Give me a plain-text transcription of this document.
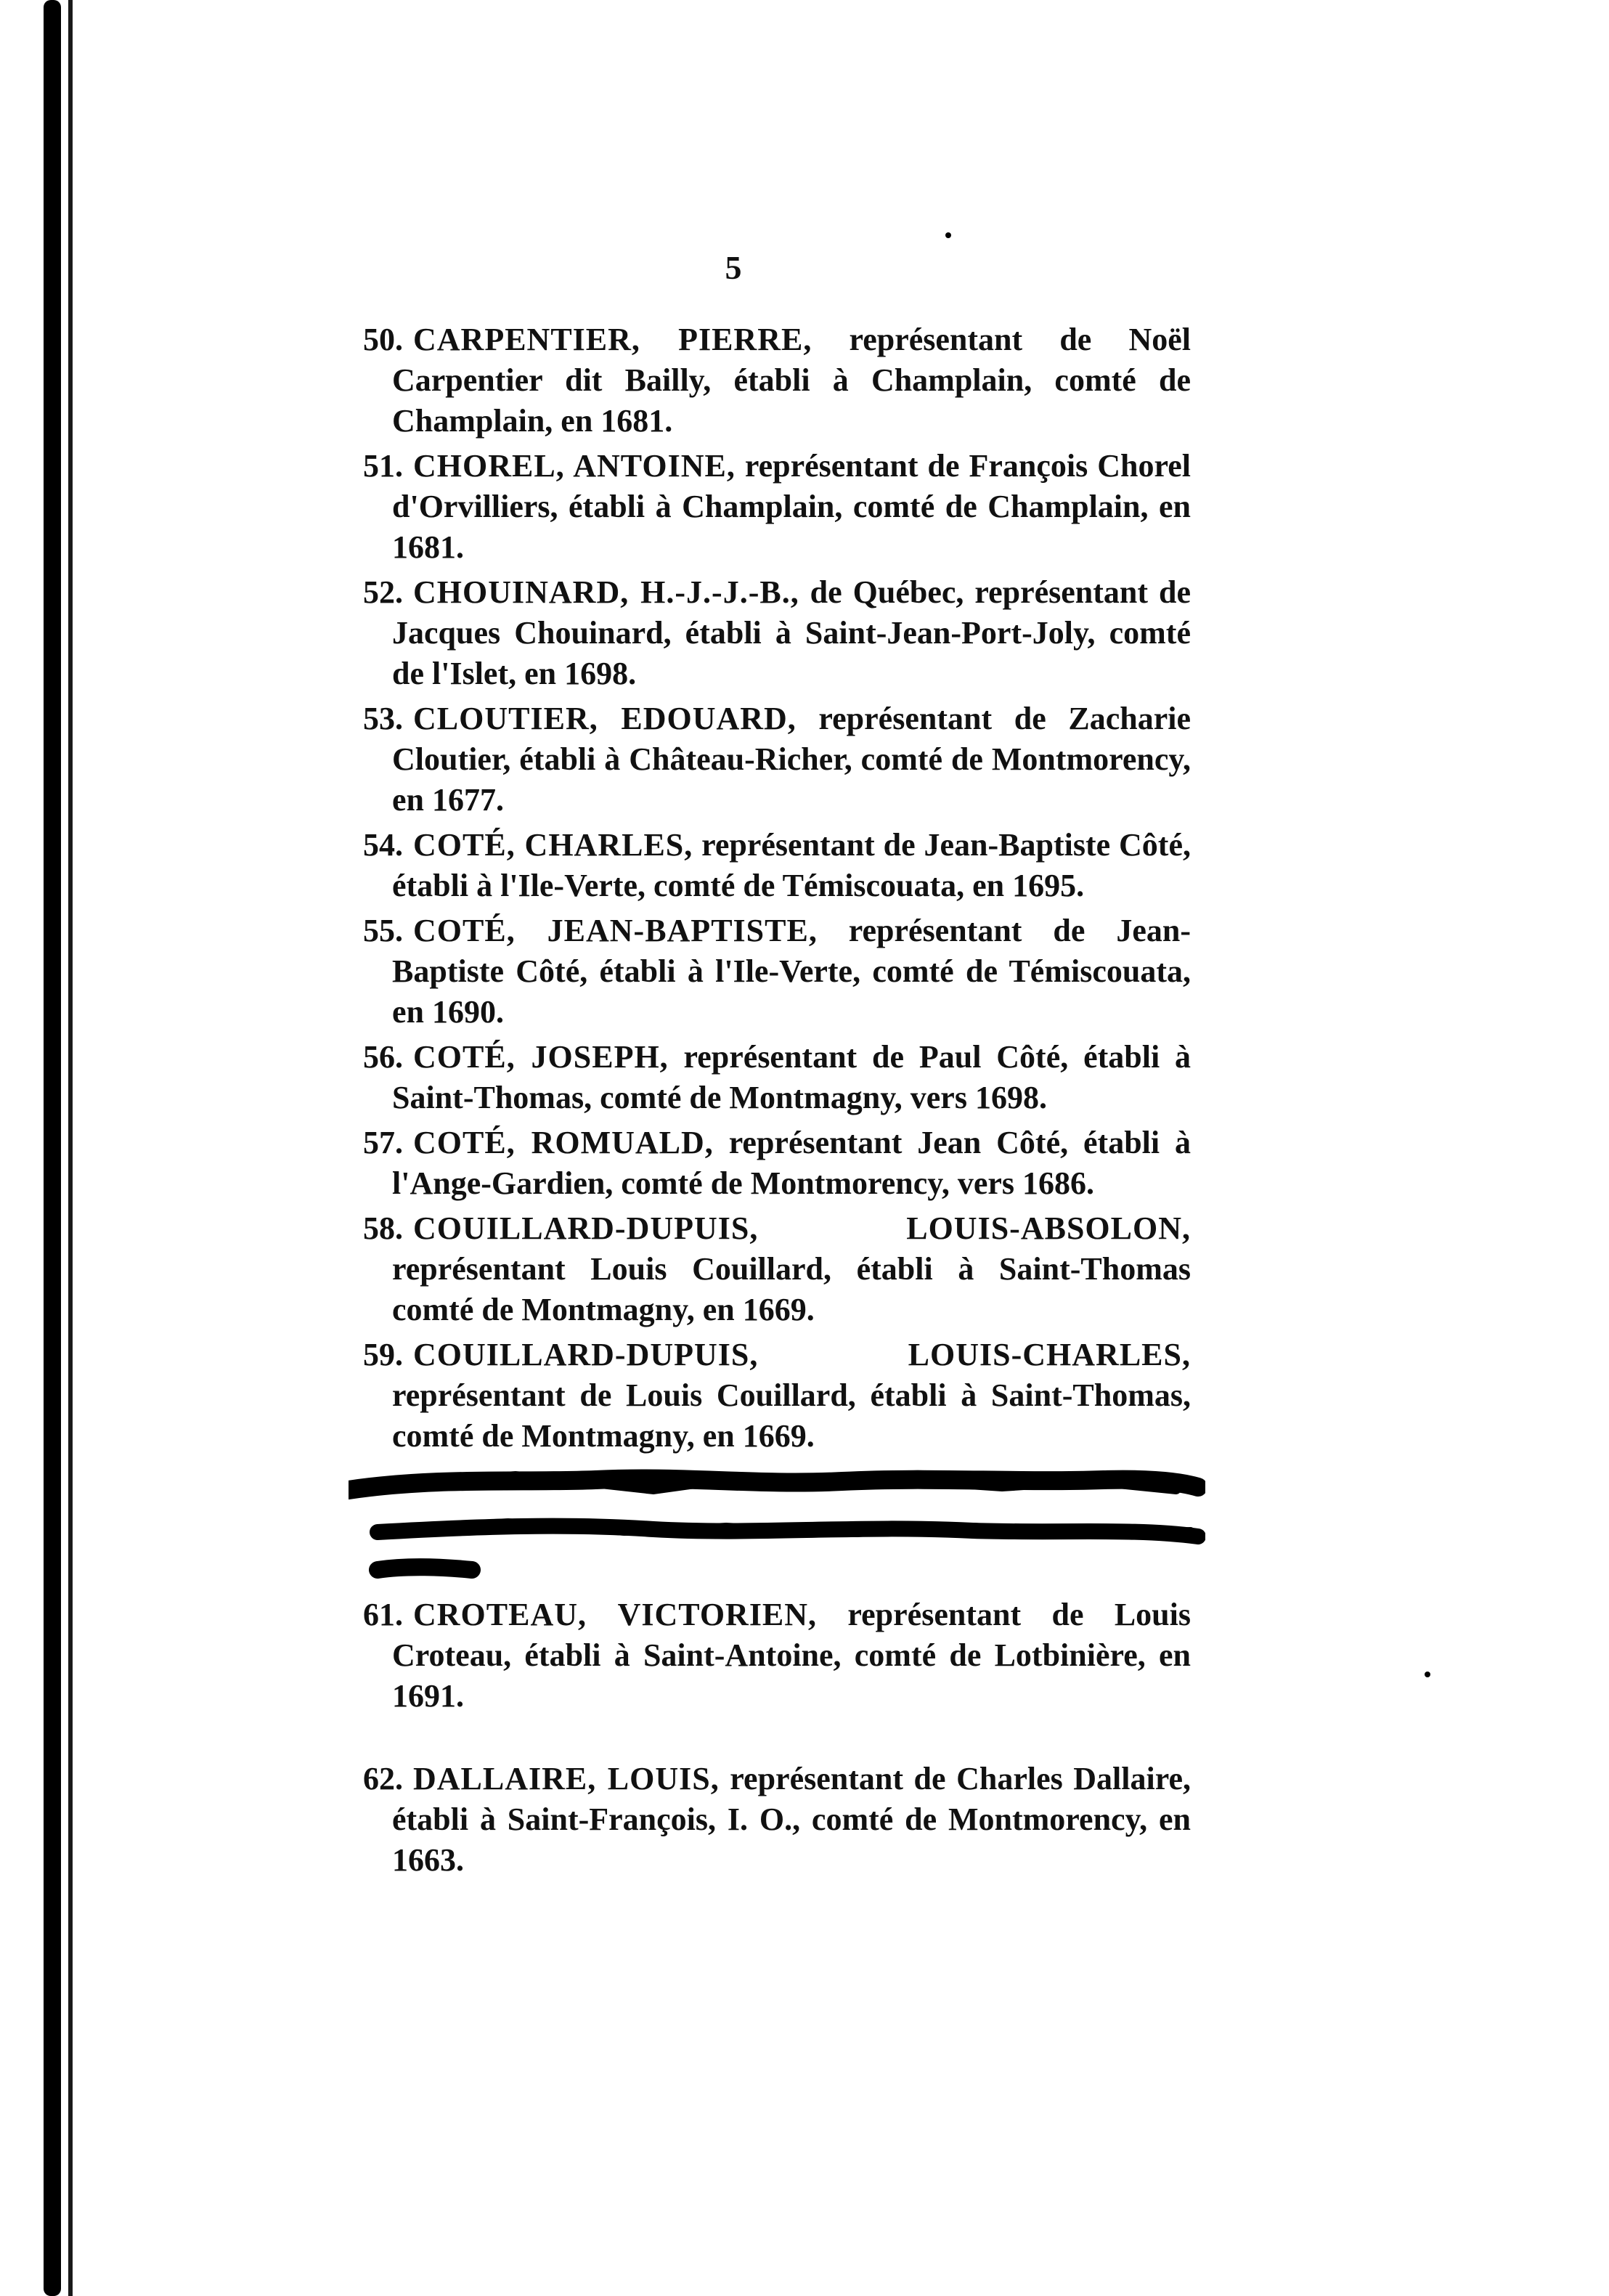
5
50. CARPENTIER, PIERRE, représentant de Noël Carpentier dit Bailly, établi à Champlain, comté de Champlain, en 1681.
51. CHOREL, ANTOINE, représentant de François Chorel d'Orvilliers, établi à Champlain, comté de Champlain, en 1681.
52. CHOUINARD, H.-J.-J.-B., de Québec, représentant de Jacques Chouinard, établi à Saint-Jean-Port-Joly, comté de l'Islet, en 1698.
53. CLOUTIER, EDOUARD, représentant de Zacharie Cloutier, établi à Château-Richer, comté de Montmorency, en 1677.
54. COTÉ, CHARLES, représentant de Jean-Baptiste Côté, établi à l'Ile-Verte, comté de Témiscouata, en 1695.
55. COTÉ, JEAN-BAPTISTE, représentant de Jean-Baptiste Côté, établi à l'Ile-Verte, comté de Témiscouata, en 1690.
56. COTÉ, JOSEPH, représentant de Paul Côté, établi à Saint-Thomas, comté de Montmagny, vers 1698.
57. COTÉ, ROMUALD, représentant Jean Côté, établi à l'Ange-Gardien, comté de Montmorency, vers 1686.
58. COUILLARD-DUPUIS, LOUIS-ABSOLON, représentant Louis Couillard, établi à Saint-Thomas comté de Montmagny, en 1669.
59. COUILLARD-DUPUIS, LOUIS-CHARLES, représentant de Louis Couillard, établi à Saint-Thomas, comté de Montmagny, en 1669.
61. CROTEAU, VICTORIEN, représentant de Louis Croteau, établi à Saint-Antoine, comté de Lotbinière, en 1691.
62. DALLAIRE, LOUIS, représentant de Charles Dallaire, établi à Saint-François, I. O., comté de Montmorency, en 1663.
